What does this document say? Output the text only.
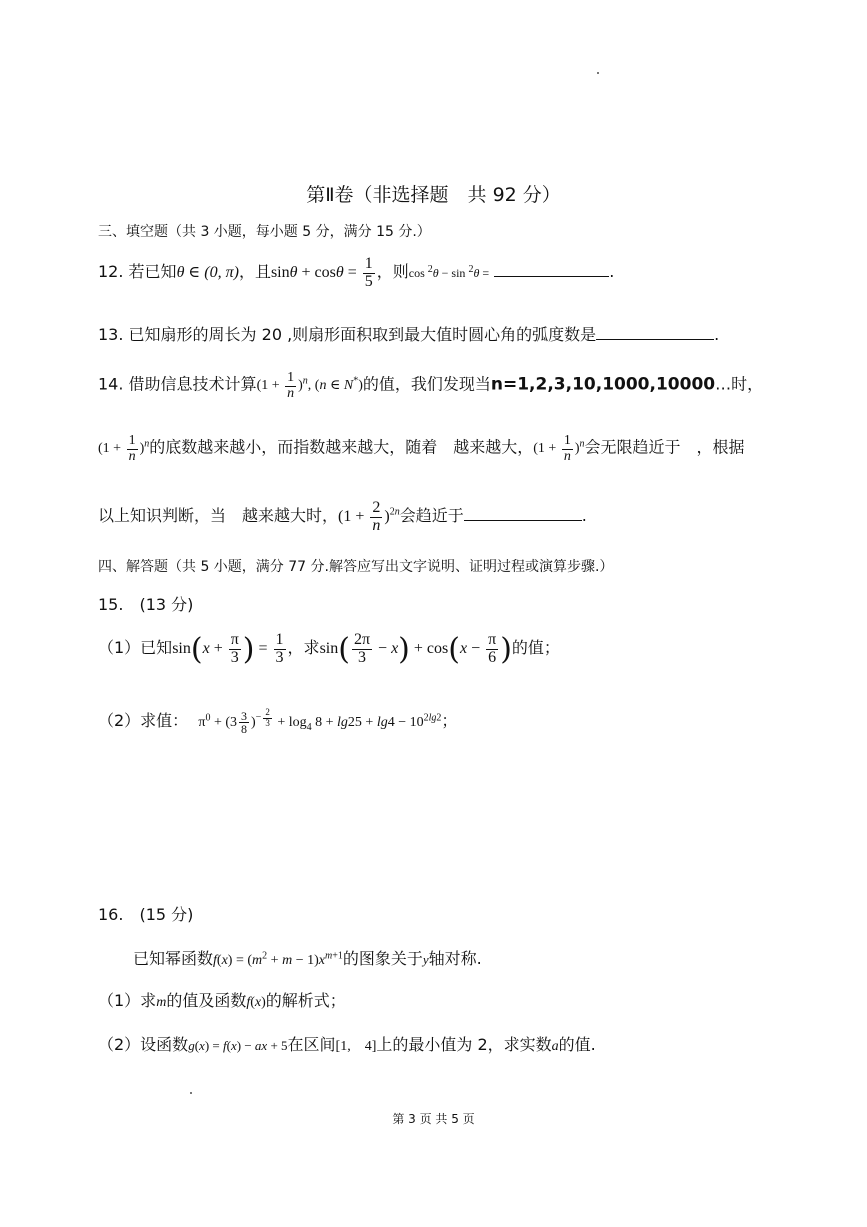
第Ⅱ卷（非选择题　共 92 分）
三、填空题（共 3 小题，每小题 5 分，满分 15 分.）
12. 若已知θ ∈ (0, π)，且$\sin\theta + \cos\theta = \frac{1}{5}$ ，则cos $^2$θ − sin $^2$θ =	.
13. 已知扇形的周长为 20 ,则扇形面积取到最大值时圆心角的弧度数是	.
14. 借助信息技术计算$(1 + \frac{1}{n} )^n$, (n ∈ N*)的值，我们发现当n=1,2,3,10,1000,10000…时，
$(1 + \frac{1}{n} )^n$的底数越来越小，而指数越来越大，随着　越来越大，$(1 + \frac{1}{n} )^n$会无限趋近于　，根据
以上知识判断，当　越来越大时，$(1 + \frac{2}{n} )^{2n}$会趋近于	.
四、解答题（共 5 小题，满分 77 分.解答应写出文字说明、证明过程或演算步骤.）
15.　(13 分)
（1）已知$\sin(x + \frac{\pi}{3}$ ) = $\frac{1}{3}$ ，求$\sin( \frac{2\pi}{3} - x) + \cos(x - \frac{\pi}{6}$ )的值；
（2）求值： $\pi^0 + (3 \frac{3}{8} )^{- \frac{2}{3}} + \log_4 8 + \lg 25 + \lg 4 - 10^{2lg2}$；
16.　(15 分)
已知幂函数$f(x) = (m^2 + m - 1)x^{m+1}$的图象关于y轴对称.
（1）求m的值及函数f(x)的解析式；
（2）设函数g(x) = f(x) − ax + 5在区间[1,　4]上的最小值为 2，求实数a的值.
第 3 页 共 5 页
